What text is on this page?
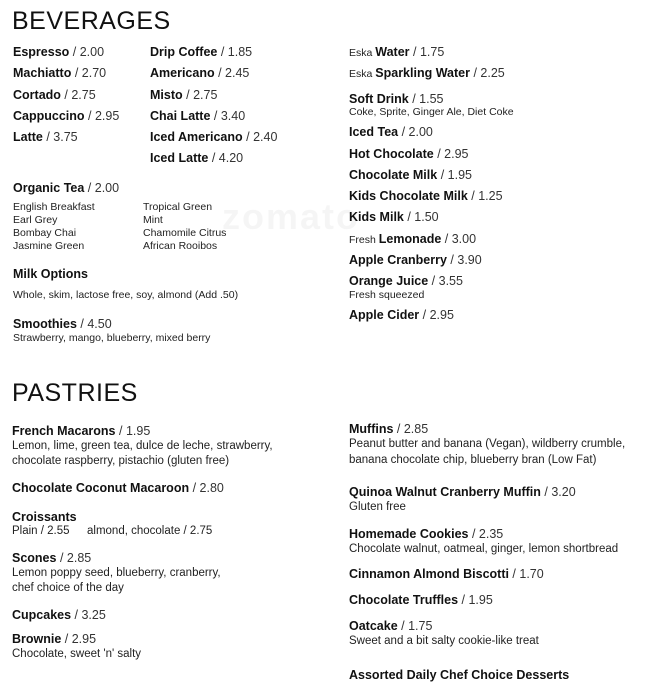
BEVERAGES
Espresso / 2.00
Machiatto / 2.70
Cortado / 2.75
Cappuccino / 2.95
Latte / 3.75
Drip Coffee / 1.85
Americano / 2.45
Misto / 2.75
Chai Latte / 3.40
Iced Americano / 2.40
Iced Latte / 4.20
Organic Tea / 2.00
English Breakfast
Earl Grey
Bombay Chai
Jasmine Green
Tropical Green
Mint
Chamomile Citrus
African Rooibos
Milk Options
Whole, skim, lactose free, soy, almond (Add .50)
Smoothies / 4.50
Strawberry, mango, blueberry, mixed berry
Eska Water / 1.75
Eska Sparkling Water / 2.25
Soft Drink / 1.55
Coke, Sprite, Ginger Ale, Diet Coke
Iced Tea / 2.00
Hot Chocolate / 2.95
Chocolate Milk / 1.95
Kids Chocolate Milk / 1.25
Kids Milk / 1.50
Fresh Lemonade / 3.00
Apple Cranberry / 3.90
Orange Juice / 3.55
Fresh squeezed
Apple Cider / 2.95
PASTRIES
French Macarons / 1.95
Lemon, lime, green tea, dulce de leche, strawberry,
chocolate raspberry, pistachio (gluten free)
Chocolate Coconut Macaroon / 2.80
Croissants
Plain / 2.55 almond, chocolate / 2.75
Scones / 2.85
Lemon poppy seed, blueberry, cranberry,
chef choice of the day
Cupcakes / 3.25
Brownie / 2.95
Chocolate, sweet 'n' salty
Muffins / 2.85
Peanut butter and banana (Vegan), wildberry crumble,
banana chocolate chip, blueberry bran (Low Fat)
Quinoa Walnut Cranberry Muffin / 3.20
Gluten free
Homemade Cookies / 2.35
Chocolate walnut, oatmeal, ginger, lemon shortbread
Cinnamon Almond Biscotti / 1.70
Chocolate Truffles / 1.95
Oatcake / 1.75
Sweet and a bit salty cookie-like treat
Assorted Daily Chef Choice Desserts
